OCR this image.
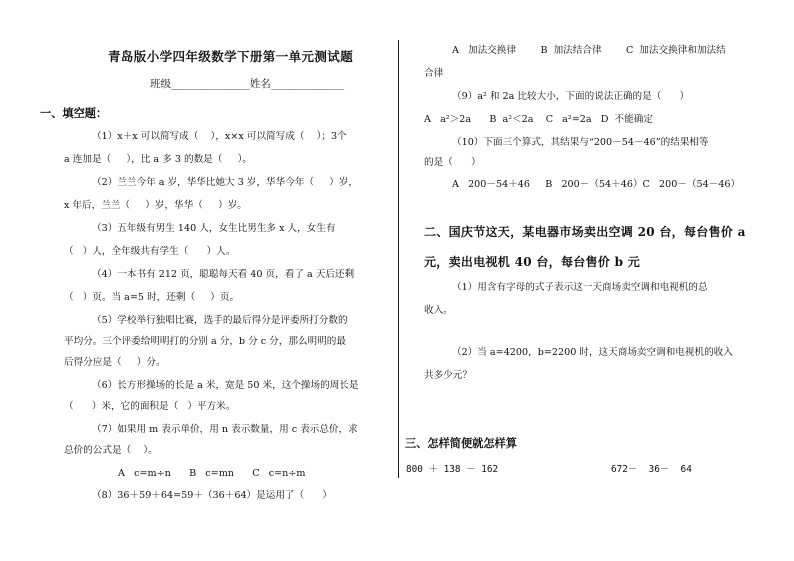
青岛版小学四年级数学下册第一单元测试题
班级_______________姓名______________
一、填空题：
（1）x＋x 可以简写成（    ），x×x 可以简写成（    ）；3个
a 连加是（     ），比 a 多 3 的数是（     ）。
（2）兰兰今年 a 岁，华华比她大 3 岁，华华今年（     ）岁，
x 年后，兰兰（     ）岁，华华（     ）岁。
（3）五年级有男生 140 人，女生比男生多 x 人，女生有
（   ）人，全年级共有学生（      ）人。
（4）一本书有 212 页，聪聪每天看 40 页，看了 a 天后还剩
（   ）页。当 a=5 时，还剩（     ）页。
（5）学校举行独唱比赛，选手的最后得分是评委所打分数的
平均分。三个评委给明明打的分别 a 分，b 分 c 分，那么明明的最
后得分应是（     ）分。
（6）长方形操场的长是 a 米，宽是 50 米，这个操场的周长是
（      ）米，它的面积是（   ）平方米。
（7）如果用 m 表示单价，用 n 表示数量，用 c 表示总价，求
总价的公式是（    ）。
A   c=m÷n      B   c=mn      C   c=n÷m
（8）36＋59＋64=59＋（36＋64）是运用了（      ）
A   加法交换律        B  加法结合律        C  加法交换律和加法结
合律
（9）a² 和 2a 比较大小，下面的说法正确的是（      ）
A   a²＞2a      B  a²＜2a    C   a²=2a   D  不能确定
（10）下面三个算式，其结果与“200－54－46”的结果相等
的是（      ）
A   200－54＋46     B   200－（54＋46）C   200－（54－46）
二、国庆节这天，某电器市场卖出空调 20 台，每台售价 a
元，卖出电视机 40 台，每台售价 b 元
（1）用含有字母的式子表示这一天商场卖空调和电视机的总
收入。
（2）当 a=4200，b=2200 时，这天商场卖空调和电视机的收入
共多少元？
三、怎样简便就怎样算
800 ＋ 138 － 162	672－  36－  64
